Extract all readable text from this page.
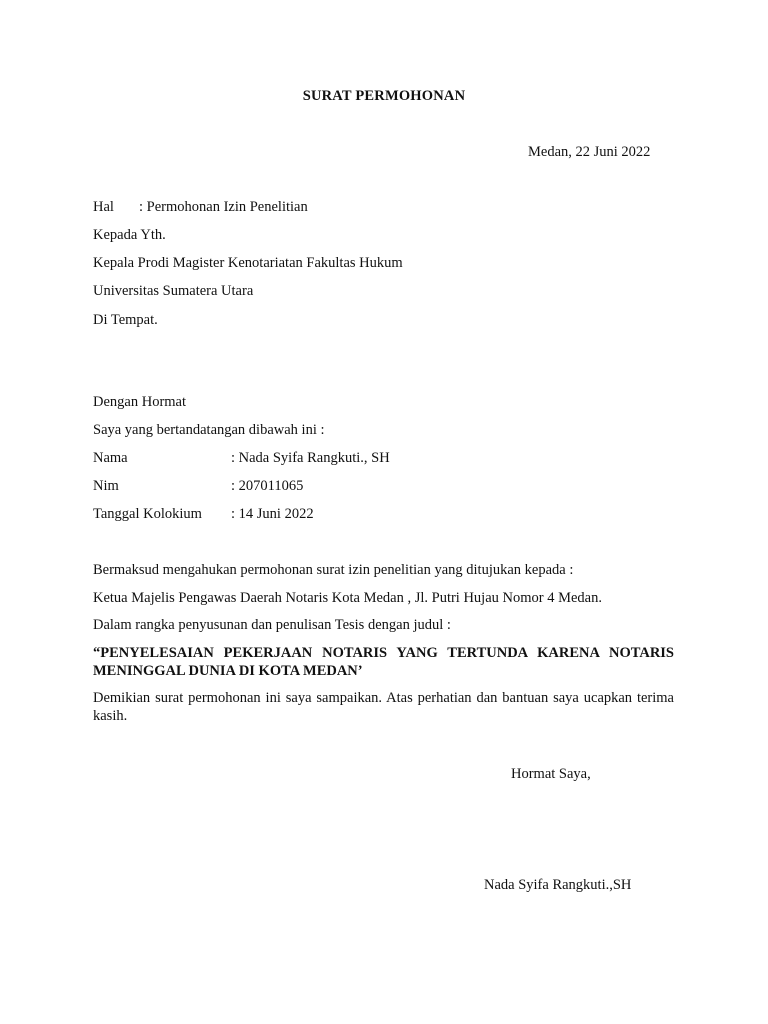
SURAT PERMOHONAN
Medan, 22 Juni 2022
Hal : Permohonan Izin Penelitian
Kepada Yth.
Kepala Prodi Magister Kenotariatan Fakultas Hukum
Universitas Sumatera Utara
Di Tempat.
Dengan Hormat
Saya yang bertandatangan dibawah ini :
Nama	: Nada Syifa Rangkuti., SH
Nim	: 207011065
Tanggal Kolokium : 14 Juni 2022
Bermaksud mengahukan permohonan surat izin penelitian yang ditujukan kepada :
Ketua Majelis Pengawas Daerah Notaris Kota Medan , Jl. Putri Hujau Nomor 4 Medan.
Dalam rangka penyusunan dan penulisan Tesis dengan judul :
“PENYELESAIAN PEKERJAAN NOTARIS YANG TERTUNDA KARENA NOTARIS MENINGGAL DUNIA DI KOTA MEDAN’
Demikian surat permohonan ini saya sampaikan. Atas perhatian dan bantuan saya ucapkan terima kasih.
Hormat Saya,
Nada Syifa Rangkuti.,SH
